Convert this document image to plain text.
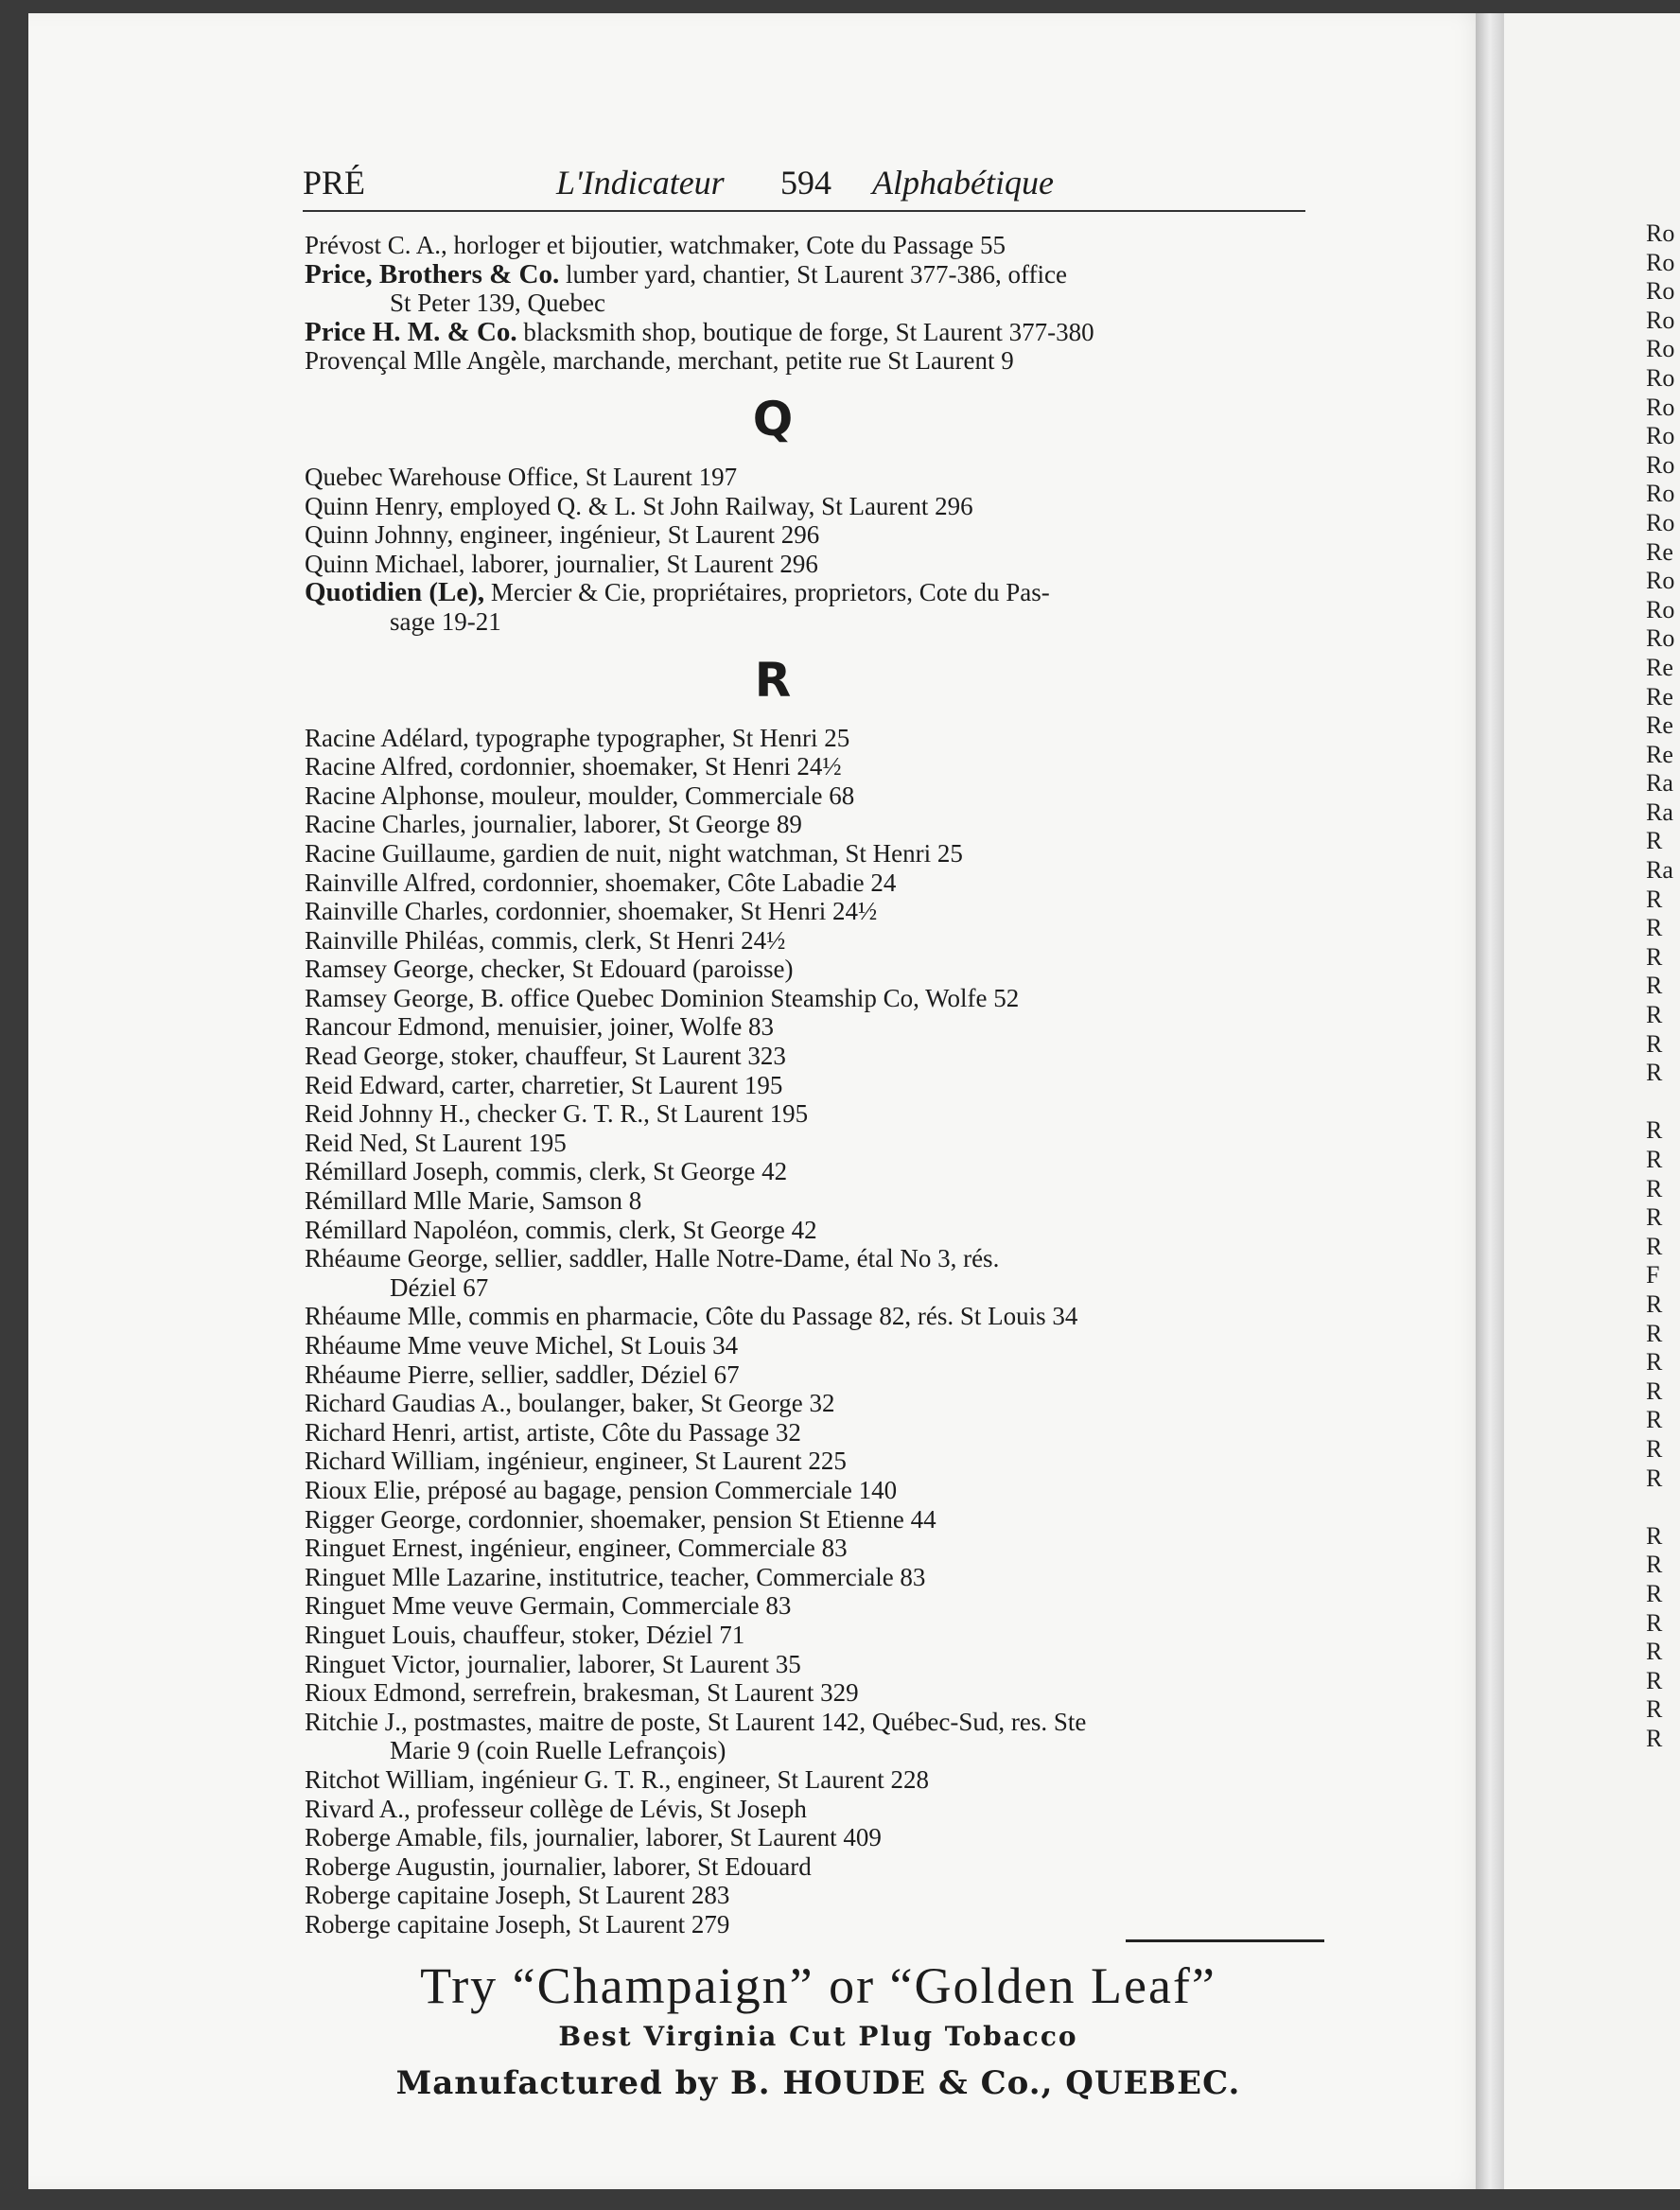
PRÉ	L'Indicateur 594 Alphabétique
Prévost C. A., horloger et bijoutier, watchmaker, Cote du Passage 55
Price, Brothers & Co. lumber yard, chantier, St Laurent 377-386, office
St Peter 139, Quebec
Price H. M. & Co. blacksmith shop, boutique de forge, St Laurent 377-380
Provençal Mlle Angèle, marchande, merchant, petite rue St Laurent 9
Q
Quebec Warehouse Office, St Laurent 197
Quinn Henry, employed Q. & L. St John Railway, St Laurent 296
Quinn Johnny, engineer, ingénieur, St Laurent 296
Quinn Michael, laborer, journalier, St Laurent 296
Quotidien (Le), Mercier & Cie, propriétaires, proprietors, Cote du Pas-
sage 19-21
R
Racine Adélard, typographe typographer, St Henri 25
Racine Alfred, cordonnier, shoemaker, St Henri 24½
Racine Alphonse, mouleur, moulder, Commerciale 68
Racine Charles, journalier, laborer, St George 89
Racine Guillaume, gardien de nuit, night watchman, St Henri 25
Rainville Alfred, cordonnier, shoemaker, Côte Labadie 24
Rainville Charles, cordonnier, shoemaker, St Henri 24½
Rainville Philéas, commis, clerk, St Henri 24½
Ramsey George, checker, St Edouard (paroisse)
Ramsey George, B. office Quebec Dominion Steamship Co, Wolfe 52
Rancour Edmond, menuisier, joiner, Wolfe 83
Read George, stoker, chauffeur, St Laurent 323
Reid Edward, carter, charretier, St Laurent 195
Reid Johnny H., checker G. T. R., St Laurent 195
Reid Ned, St Laurent 195
Rémillard Joseph, commis, clerk, St George 42
Rémillard Mlle Marie, Samson 8
Rémillard Napoléon, commis, clerk, St George 42
Rhéaume George, sellier, saddler, Halle Notre-Dame, étal No 3, rés.
Déziel 67
Rhéaume Mlle, commis en pharmacie, Côte du Passage 82, rés. St Louis 34
Rhéaume Mme veuve Michel, St Louis 34
Rhéaume Pierre, sellier, saddler, Déziel 67
Richard Gaudias A., boulanger, baker, St George 32
Richard Henri, artist, artiste, Côte du Passage 32
Richard William, ingénieur, engineer, St Laurent 225
Rioux Elie, préposé au bagage, pension Commerciale 140
Rigger George, cordonnier, shoemaker, pension St Etienne 44
Ringuet Ernest, ingénieur, engineer, Commerciale 83
Ringuet Mlle Lazarine, institutrice, teacher, Commerciale 83
Ringuet Mme veuve Germain, Commerciale 83
Ringuet Louis, chauffeur, stoker, Déziel 71
Ringuet Victor, journalier, laborer, St Laurent 35
Rioux Edmond, serrefrein, brakesman, St Laurent 329
Ritchie J., postmastes, maitre de poste, St Laurent 142, Québec-Sud, res. Ste
Marie 9 (coin Ruelle Lefrançois)
Ritchot William, ingénieur G. T. R., engineer, St Laurent 228
Rivard A., professeur collège de Lévis, St Joseph
Roberge Amable, fils, journalier, laborer, St Laurent 409
Roberge Augustin, journalier, laborer, St Edouard
Roberge capitaine Joseph, St Laurent 283
Roberge capitaine Joseph, St Laurent 279
Try “Champaign” or “Golden Leaf”
Best Virginia Cut Plug Tobacco
Manufactured by B. HOUDE & Co., QUEBEC.
Ro
Ro
Ro
Ro
Ro
Ro
Ro
Ro
Ro
Ro
Ro
Re
Ro
Ro
Ro
Re
Re
Re
Re
Ra
Ra
R
Ra
R
R
R
R
R
R
R
R
R
R
R
R
F
R
R
R
R
R
R
R
R
R
R
R
R
R
R
R
